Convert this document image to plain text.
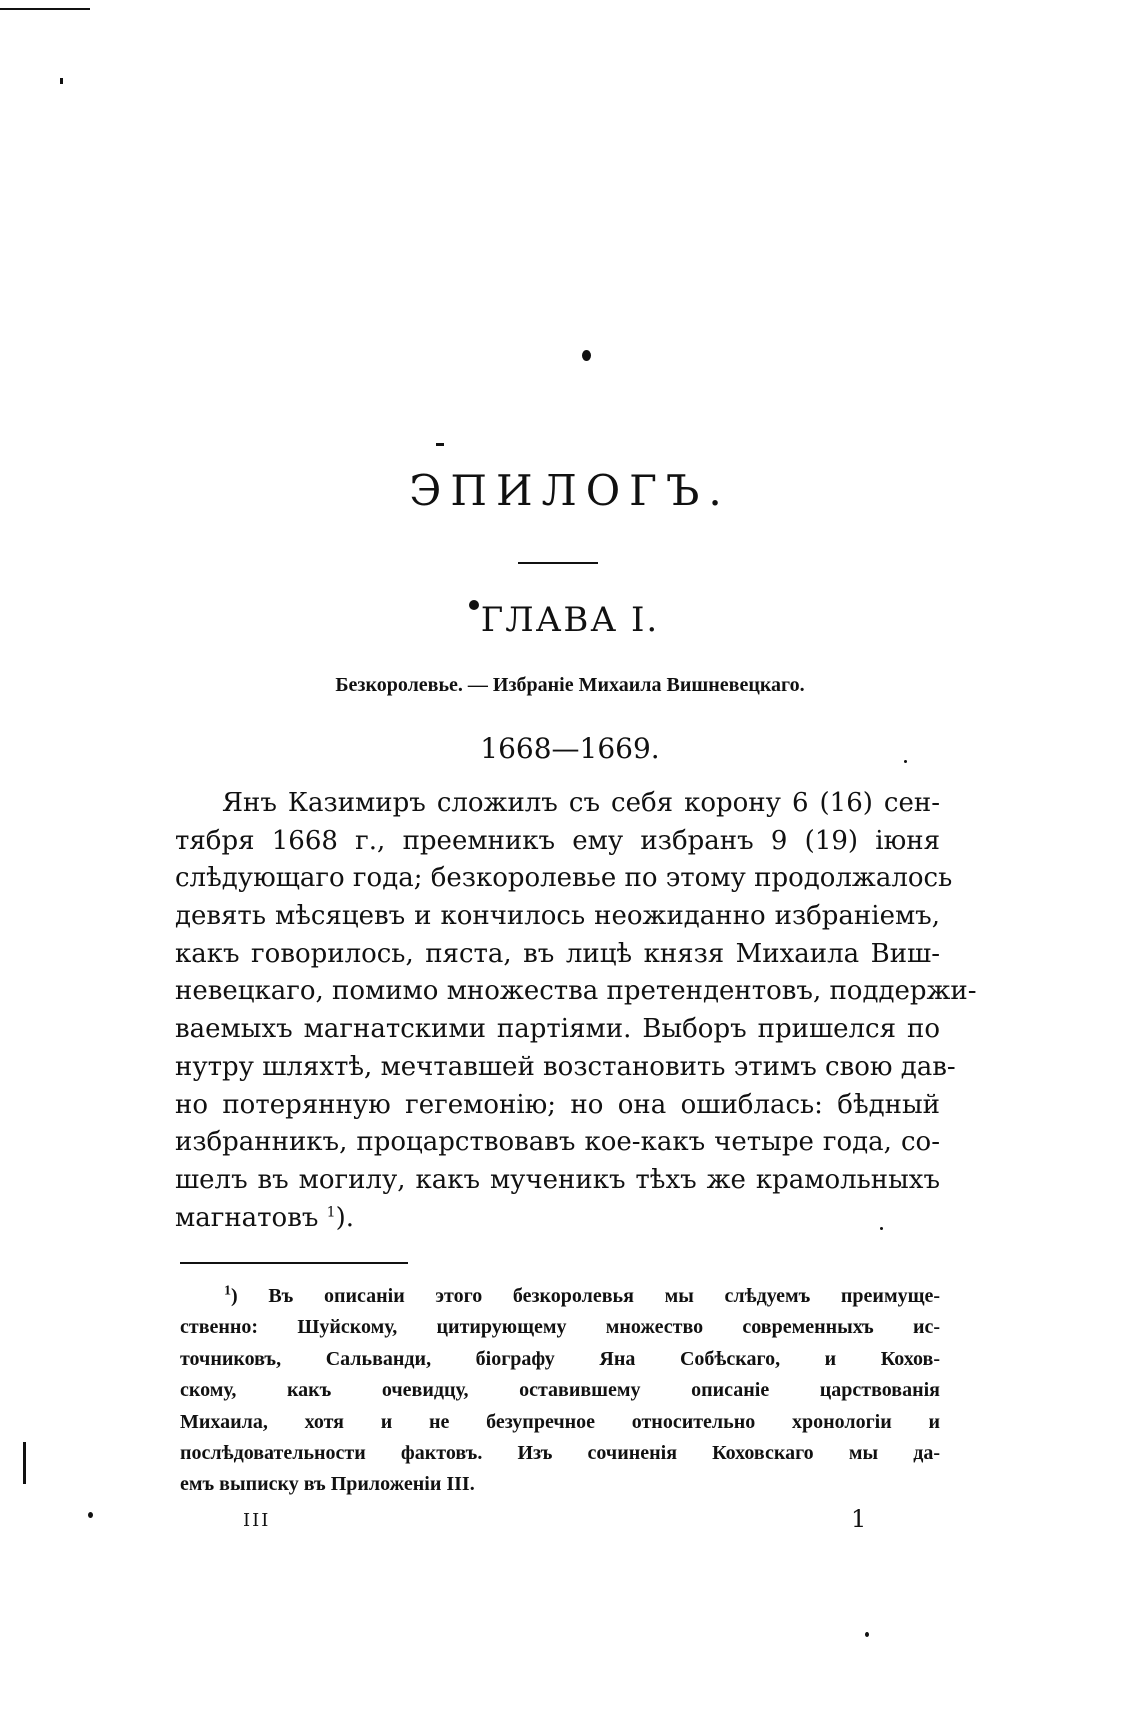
ЭПИЛОГЪ.
ГЛАВА I.
Безкоролевье. — Избраніе Михаила Вишневецкаго.
1668—1669.
Янъ Казимиръ сложилъ съ себя корону 6 (16) сен-
тября 1668 г., преемникъ ему избранъ 9 (19) іюня
слѣдующаго года; безкоролевье по этому продолжалось
девять мѣсяцевъ и кончилось неожиданно избраніемъ,
какъ говорилось, пяста, въ лицѣ князя Михаила Виш-
невецкаго, помимо множества претендентовъ, поддержи-
ваемыхъ магнатскими партіями. Выборъ пришелся по
нутру шляхтѣ, мечтавшей возстановить этимъ свою дав-
но потерянную гегемонію; но она ошиблась: бѣдный
избранникъ, процарствовавъ кое-какъ четыре года, со-
шелъ въ могилу, какъ мученикъ тѣхъ же крамольныхъ
магнатовъ $^1$).
$^1$) Въ описаніи этого безкоролевья мы слѣдуемъ преимуще-
ственно: Шуйскому, цитирующему множество современныхъ ис-
точниковъ, Сальванди, біографу Яна Собѣскаго, и Кохов-
скому, какъ очевидцу, оставившему описаніе царствованія
Михаила, хотя и не безупречное относительно хронологіи и
послѣдовательности фактовъ. Изъ сочиненія Коховскаго мы да-
емъ выписку въ Приложеніи III.
III	1
